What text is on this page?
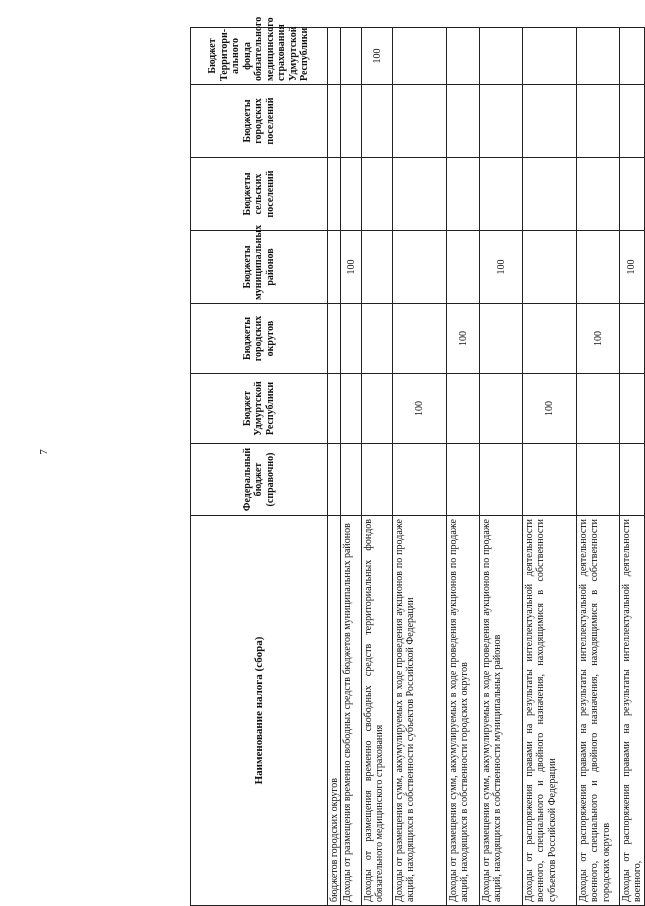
7
Наименование налога (сбора)	Федеральный бюджет (справочно)	Бюджет Удмуртской Республики	Бюджеты городских округов	Бюджеты муниципальных районов	Бюджеты сельских поселений	Бюджеты городских поселений	Бюджет Территори-ального фонда обязательного медицинского страхования Удмуртской Республики
бюджетов городских округов							
Доходы от размещения временно свободных средств бюджетов муниципальных районов				100			
Доходы от размещения временно свободных средств территориальных фондов обязательного медицинского страхования							100
Доходы от размещения сумм, аккумулируемых в ходе проведения аукционов по продаже акций, находящихся в собственности субъектов Российской Федерации		100					
Доходы от размещения сумм, аккумулируемых в ходе проведения аукционов по продаже акций, находящихся в собственности городских округов			100				
Доходы от размещения сумм, аккумулируемых в ходе проведения аукционов по продаже акций, находящихся в собственности муниципальных районов				100			
Доходы от распоряжения правами на результаты интеллектуальной деятельности военного, специального и двойного назначения, находящимися в собственности субъектов Российской Федерации		100					
Доходы от распоряжения правами на результаты интеллектуальной деятельности военного, специального и двойного назначения, находящимися в собственности городских округов			100				
Доходы от распоряжения правами на результаты интеллектуальной деятельности военного,				100			
